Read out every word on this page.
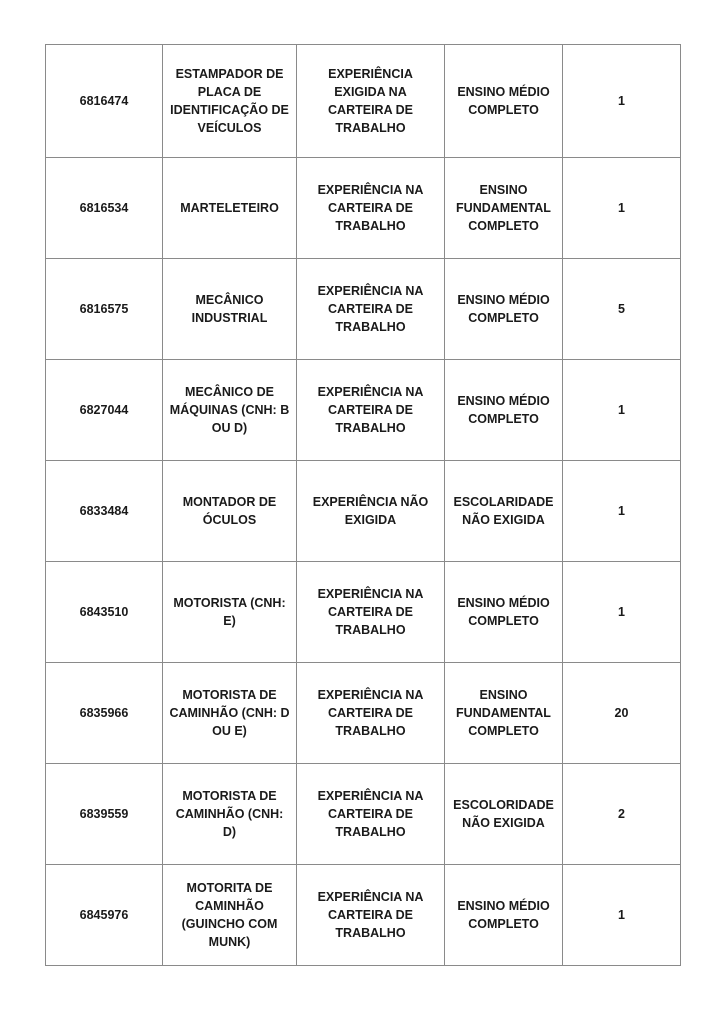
6816474	ESTAMPADOR DE PLACA DE IDENTIFICAÇÃO DE VEÍCULOS	EXPERIÊNCIA EXIGIDA NA CARTEIRA DE TRABALHO	ENSINO MÉDIO COMPLETO	1
6816534	MARTELETEIRO	EXPERIÊNCIA NA CARTEIRA DE TRABALHO	ENSINO FUNDAMENTAL COMPLETO	1
6816575	MECÂNICO INDUSTRIAL	EXPERIÊNCIA NA CARTEIRA DE TRABALHO	ENSINO MÉDIO COMPLETO	5
6827044	MECÂNICO DE MÁQUINAS (CNH: B OU D)	EXPERIÊNCIA NA CARTEIRA DE TRABALHO	ENSINO MÉDIO COMPLETO	1
6833484	MONTADOR DE ÓCULOS	EXPERIÊNCIA NÃO EXIGIDA	ESCOLARIDADE NÃO EXIGIDA	1
6843510	MOTORISTA (CNH: E)	EXPERIÊNCIA NA CARTEIRA DE TRABALHO	ENSINO MÉDIO COMPLETO	1
6835966	MOTORISTA DE CAMINHÃO (CNH: D OU E)	EXPERIÊNCIA NA CARTEIRA DE TRABALHO	ENSINO FUNDAMENTAL COMPLETO	20
6839559	MOTORISTA DE CAMINHÃO (CNH: D)	EXPERIÊNCIA NA CARTEIRA DE TRABALHO	ESCOLORIDADE NÃO EXIGIDA	2
6845976	MOTORITA DE CAMINHÃO (GUINCHO COM MUNK)	EXPERIÊNCIA NA CARTEIRA DE TRABALHO	ENSINO MÉDIO COMPLETO	1
